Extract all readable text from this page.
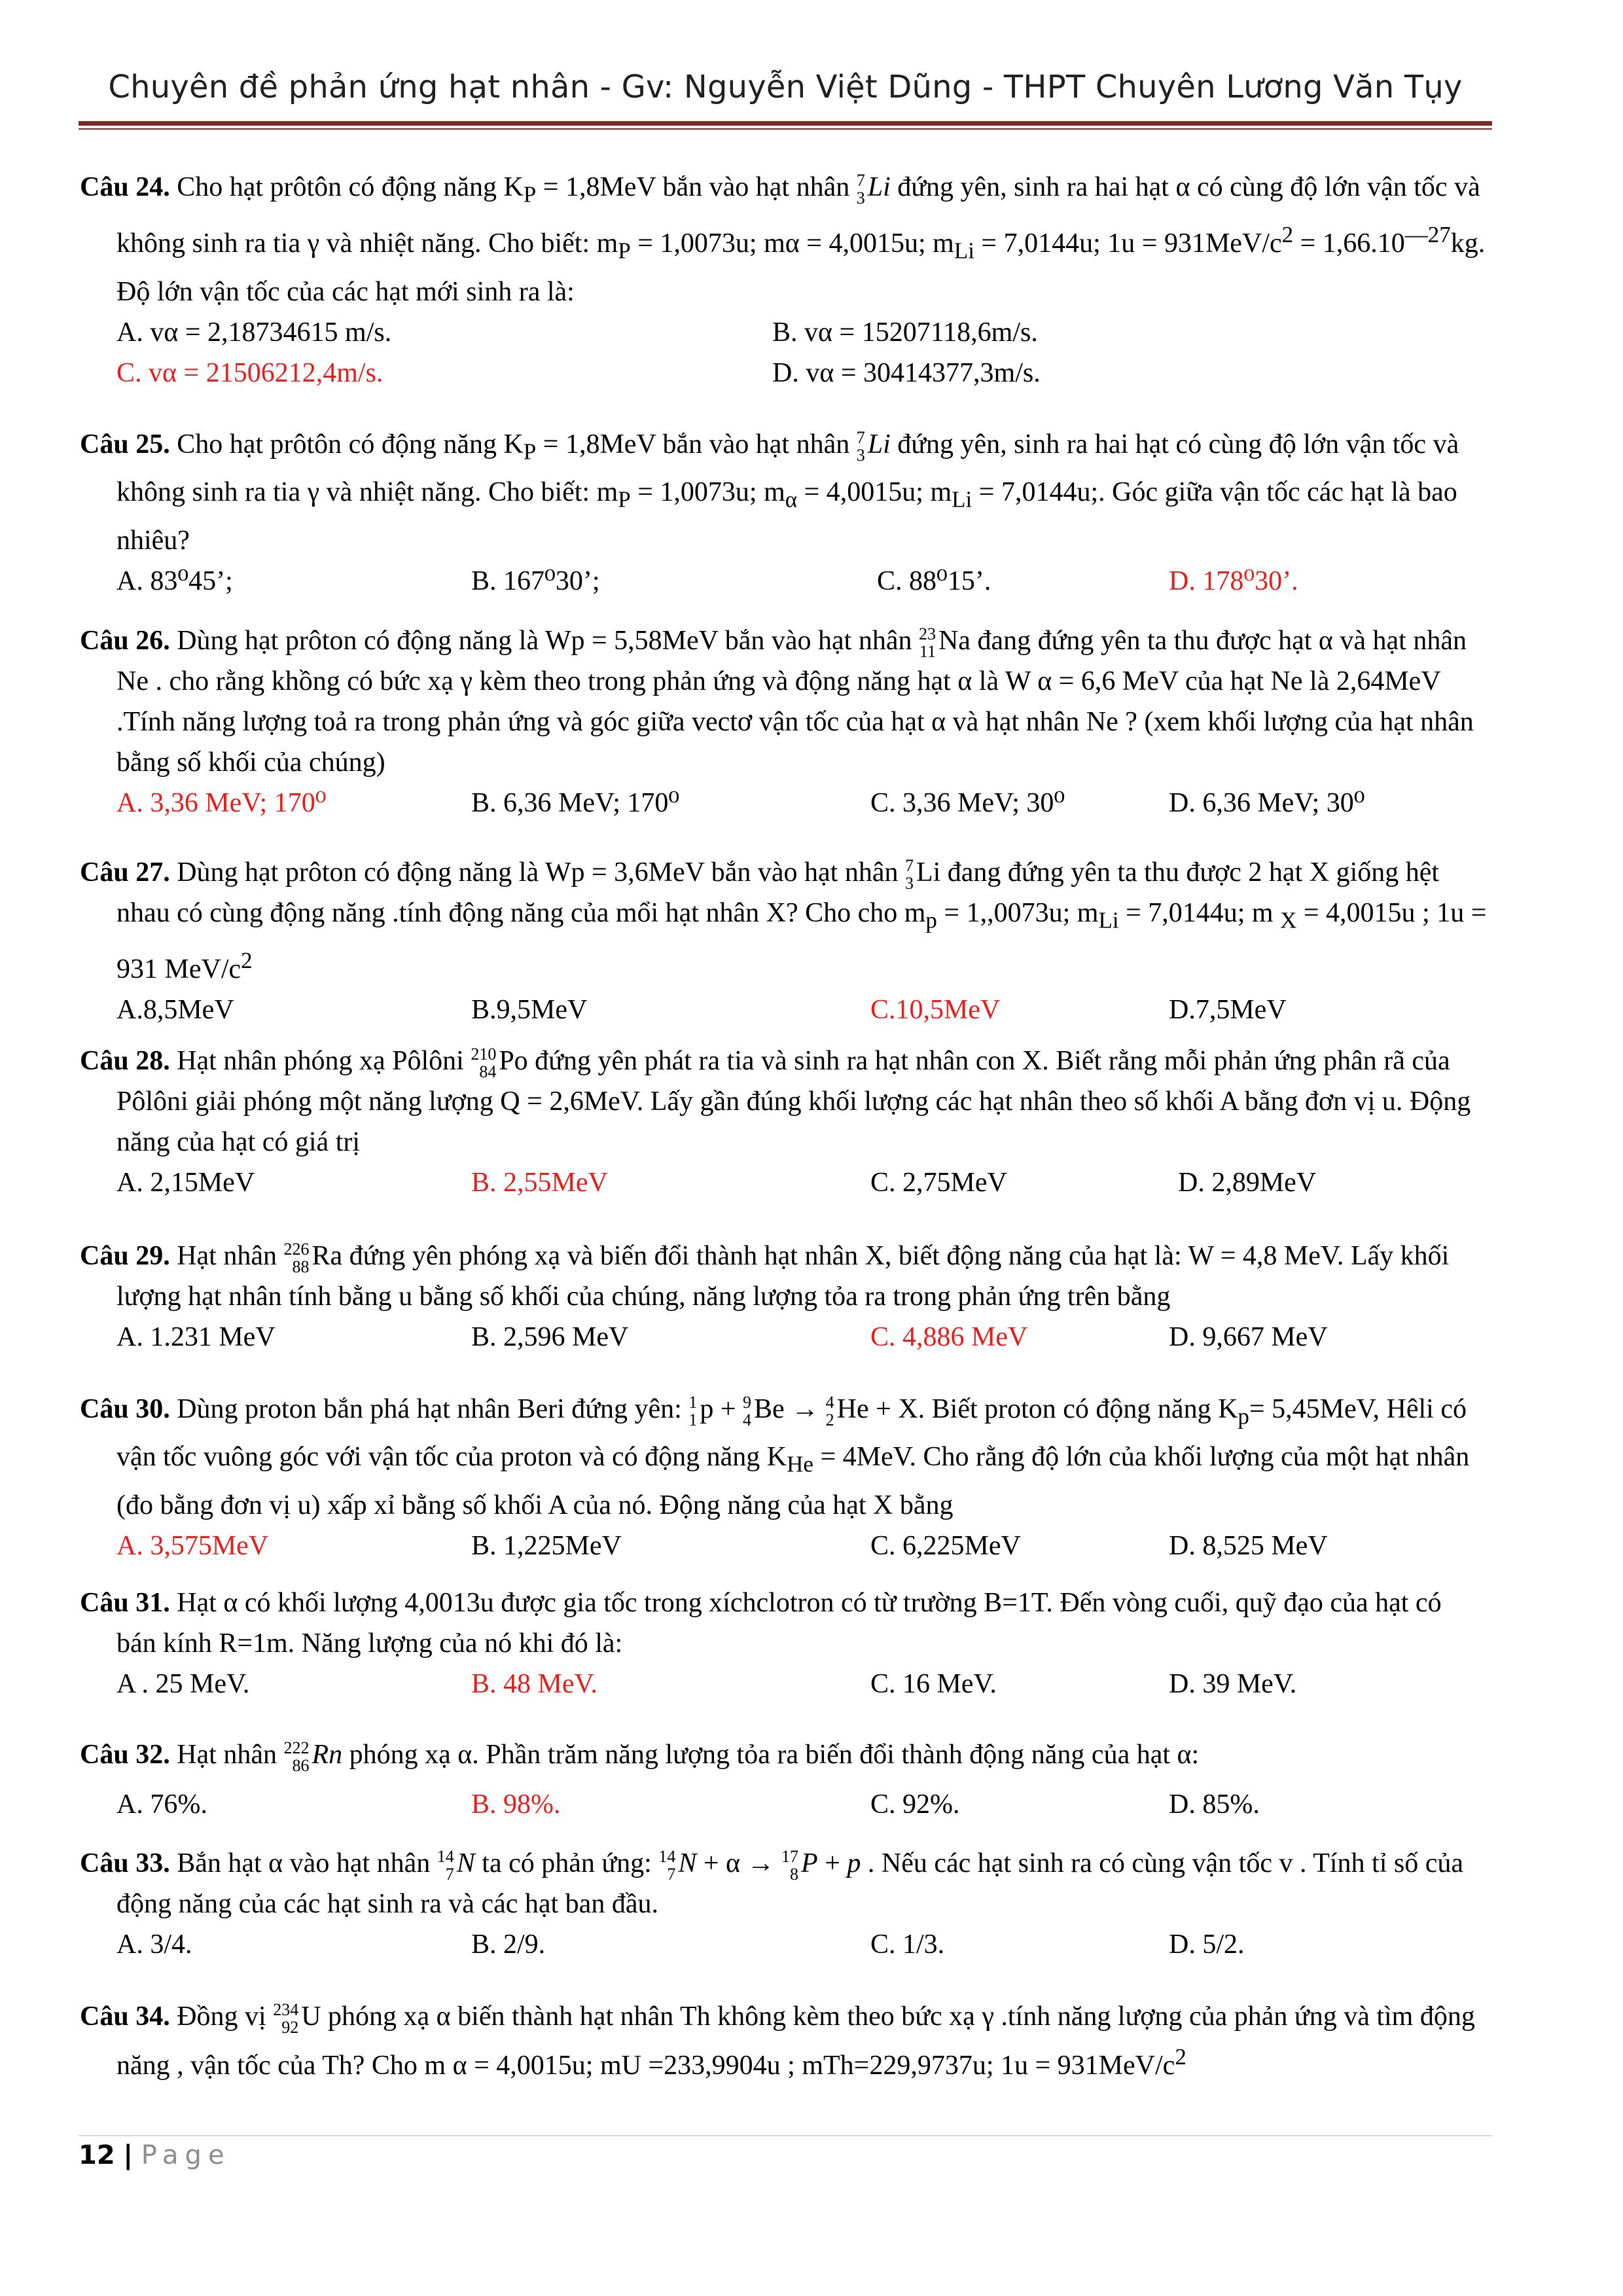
Chuyên đề phản ứng hạt nhân - Gv: Nguyễn Việt Dũng - THPT Chuyên Lương Văn Tụy

Câu 24. Cho hạt prôtôn có động năng $K_P = 1,8MeV$ bắn vào hạt nhân 7
3 Li đứng yên, sinh ra hai hạt α có cùng độ lớn vận tốc và không sinh ra tia γ và nhiệt năng. Cho biết: $m_P = 1,0073u$; mα = 4,0015u; $m_{Li} = 7,0144u$; $1u = 931MeV/c^2 = 1,66.10^{—27}kg$. Độ lớn vận tốc của các hạt mới sinh ra là:

A. vα = 2,18734615 m/s.	B. vα = 15207118,6m/s.
C. vα = 21506212,4m/s.	D. vα = 30414377,3m/s.

Câu 25. Cho hạt prôtôn có động năng $K_P = 1,8MeV$ bắn vào hạt nhân 7
3 Li đứng yên, sinh ra hai hạt có cùng độ lớn vận tốc và không sinh ra tia γ và nhiệt năng. Cho biết: $m_P = 1,0073u$; $m_\alpha = 4,0015u$; $m_{Li} = 7,0144u$;. Góc giữa vận tốc các hạt là bao nhiêu?

A. 83⁰45’;	B. 167⁰30’;	C. 88⁰15’.	D. 178⁰30’.

Câu 26. Dùng hạt prôton có động năng là Wp = 5,58MeV bắn vào hạt nhân 23
11 Na đang đứng yên ta thu được hạt α và hạt nhân Ne . cho rằng khồng có bức xạ γ kèm theo trong phản ứng và động năng hạt α là W α = 6,6 MeV của hạt Ne là 2,64MeV .Tính năng lượng toả ra trong phản ứng và góc giữa vectơ vận tốc của hạt α và hạt nhân Ne ? (xem khối lượng của hạt nhân bằng số khối của chúng)

A. 3,36 MeV; 170⁰	B. 6,36 MeV; 170⁰	C. 3,36 MeV; 30⁰	D. 6,36 MeV; 30⁰

Câu 27. Dùng hạt prôton có động năng là Wp = 3,6MeV bắn vào hạt nhân 7
3 Li đang đứng yên ta thu được 2 hạt X giống hệt nhau có cùng động năng .tính động năng của mổi hạt nhân X? Cho cho $m_p = 1,,0073u$; $m_{Li} = 7,0144u$; m $_X$ = 4,0015u ; 1u = 931 MeV/$c^2$

A.8,5MeV	B.9,5MeV	C.10,5MeV	D.7,5MeV

Câu 28. Hạt nhân phóng xạ Pôlôni 210
84 Po đứng yên phát ra tia và sinh ra hạt nhân con X. Biết rằng mỗi phản ứng phân rã của Pôlôni giải phóng một năng lượng Q = 2,6MeV. Lấy gần đúng khối lượng các hạt nhân theo số khối A bằng đơn vị u. Động năng của hạt có giá trị

A. 2,15MeV	B. 2,55MeV	C. 2,75MeV	D. 2,89MeV

Câu 29. Hạt nhân 226
88 Ra đứng yên phóng xạ và biến đổi thành hạt nhân X, biết động năng của hạt là: W = 4,8 MeV. Lấy khối lượng hạt nhân tính bằng u bằng số khối của chúng, năng lượng tỏa ra trong phản ứng trên bằng

A. 1.231 MeV	B. 2,596 MeV	C. 4,886 MeV	D. 9,667 MeV

Câu 30. Dùng proton bắn phá hạt nhân Beri đứng yên: 1
1 p + 9
4 Be → 4
2 He + X. Biết proton có động năng $K_p= 5,45MeV$, Hêli có vận tốc vuông góc với vận tốc của proton và có động năng $K_{He} = 4MeV$. Cho rằng độ lớn của khối lượng của một hạt nhân (đo bằng đơn vị u) xấp xỉ bằng số khối A của nó. Động năng của hạt X bằng

A. 3,575MeV	B. 1,225MeV	C. 6,225MeV	D. 8,525 MeV

Câu 31. Hạt α có khối lượng 4,0013u được gia tốc trong xíchclotron có từ trường B=1T. Đến vòng cuối, quỹ đạo của hạt có bán kính R=1m. Năng lượng của nó khi đó là:

A . 25 MeV.	B. 48 MeV.	C. 16 MeV.	D. 39 MeV.

Câu 32. Hạt nhân 222
86 Rn phóng xạ α. Phần trăm năng lượng tỏa ra biến đổi thành động năng của hạt α:

A. 76%.	B. 98%.	C. 92%.	D. 85%.

Câu 33. Bắn hạt α vào hạt nhân 14
7 N ta có phản ứng: 14
7 N + α → 17
8 P + p . Nếu các hạt sinh ra có cùng vận tốc v . Tính tỉ số của động năng của các hạt sinh ra và các hạt ban đầu.

A. 3/4.	B. 2/9.	C. 1/3.	D. 5/2.

Câu 34. Đồng vị 234
92 U phóng xạ α biến thành hạt nhân Th không kèm theo bức xạ γ .tính năng lượng của phản ứng và tìm động năng , vận tốc của Th? Cho m α = 4,0015u; mU =233,9904u ; mTh=229,9737u; $1u = 931MeV/c^2$

12 | Page
